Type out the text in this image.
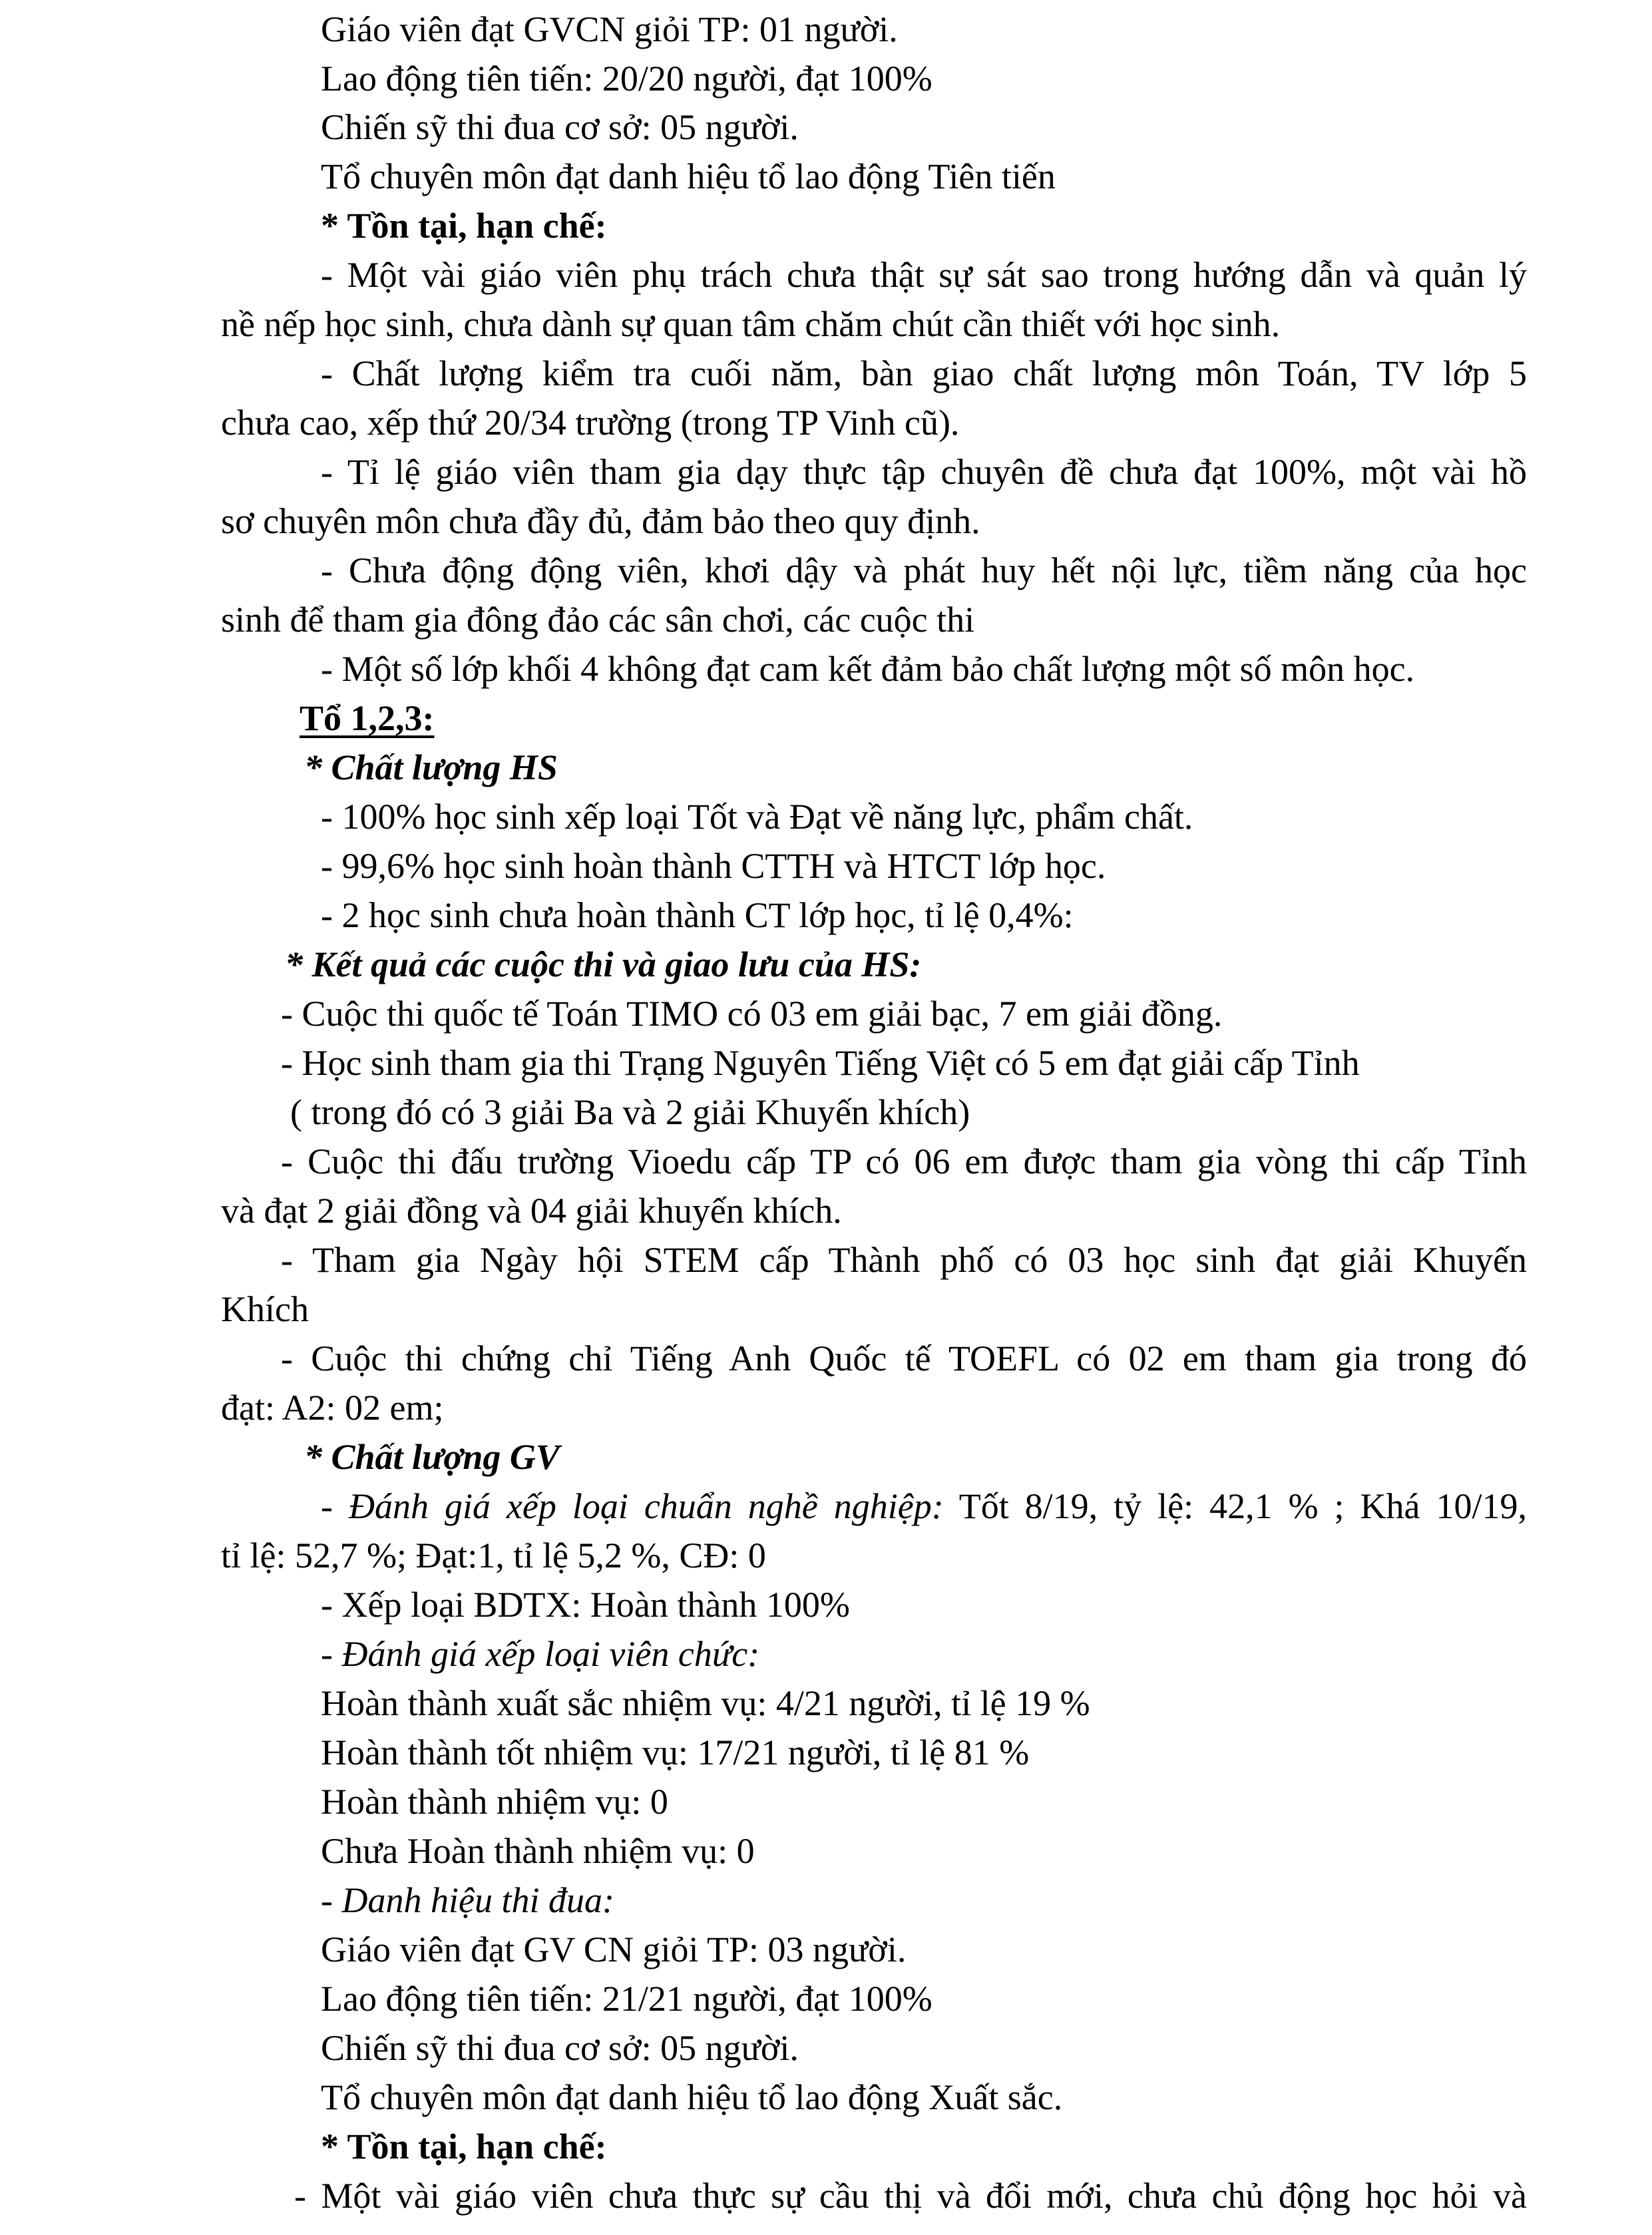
Giáo viên đạt GVCN giỏi TP: 01 người.

Lao động tiên tiến: 20/20 người, đạt 100%

Chiến sỹ thi đua cơ sở: 05 người.

Tổ chuyên môn đạt danh hiệu tổ lao động Tiên tiến

* Tồn tại, hạn chế:

- Một vài giáo viên phụ trách chưa thật sự sát sao trong hướng dẫn và quản lý

nề nếp học sinh, chưa dành sự quan tâm chăm chút cần thiết với học sinh.

- Chất lượng kiểm tra cuối năm, bàn giao chất lượng môn Toán, TV lớp 5

chưa cao, xếp thứ 20/34 trường (trong TP Vinh cũ).

- Tỉ lệ giáo viên tham gia dạy thực tập chuyên đề chưa đạt 100%, một vài hồ

sơ chuyên môn chưa đầy đủ, đảm bảo theo quy định.

- Chưa động động viên, khơi dậy và phát huy hết nội lực, tiềm năng của học

sinh để tham gia đông đảo các sân chơi, các cuộc thi

- Một số lớp khối 4 không đạt cam kết đảm bảo chất lượng một số môn học.

Tổ 1,2,3:

* Chất lượng HS

- 100% học sinh xếp loại Tốt và Đạt về năng lực, phẩm chất.

- 99,6% học sinh hoàn thành CTTH và HTCT lớp học.

- 2 học sinh chưa hoàn thành CT lớp học, tỉ lệ 0,4%:

* Kết quả các cuộc thi và giao lưu của HS:

- Cuộc thi quốc tế Toán TIMO có 03 em giải bạc, 7 em giải đồng.

- Học sinh tham gia thi Trạng Nguyên Tiếng Việt có 5 em đạt giải cấp Tỉnh

( trong đó có 3 giải Ba và 2 giải Khuyến khích)

- Cuộc thi đấu trường Vioedu cấp TP có 06 em được tham gia vòng thi cấp Tỉnh

và đạt 2 giải đồng và 04 giải khuyến khích.

- Tham gia Ngày hội STEM cấp Thành phố có 03 học sinh đạt giải Khuyến

Khích

- Cuộc thi chứng chỉ Tiếng Anh Quốc tế TOEFL có 02 em tham gia trong đó

đạt: A2: 02 em;

* Chất lượng GV

- Đánh giá xếp loại chuẩn nghề nghiệp: Tốt 8/19, tỷ lệ: 42,1 % ; Khá 10/19,

tỉ lệ: 52,7 %; Đạt:1, tỉ lệ 5,2 %, CĐ: 0

- Xếp loại BDTX: Hoàn thành 100%

- Đánh giá xếp loại viên chức:

Hoàn thành xuất sắc nhiệm vụ: 4/21 người, tỉ lệ 19 %

Hoàn thành tốt nhiệm vụ: 17/21 người, tỉ lệ 81 %

Hoàn thành nhiệm vụ: 0

Chưa Hoàn thành nhiệm vụ: 0

- Danh hiệu thi đua:

Giáo viên đạt GV CN giỏi TP: 03 người.

Lao động tiên tiến: 21/21 người, đạt 100%

Chiến sỹ thi đua cơ sở: 05 người.

Tổ chuyên môn đạt danh hiệu tổ lao động Xuất sắc.

* Tồn tại, hạn chế:

- Một vài giáo viên chưa thực sự cầu thị và đổi mới, chưa chủ động học hỏi và
